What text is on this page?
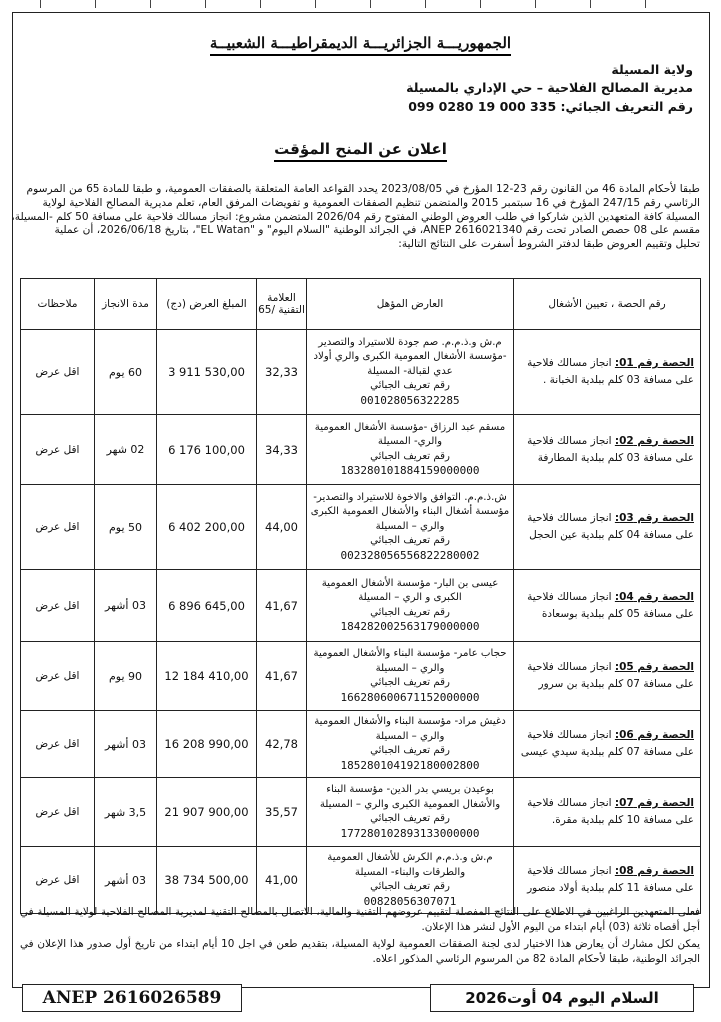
الجمهوريـــة الجزائريـــة الديمقراطيـــة الشعبيــة
ولاية المسيلة
مديرية المصالح الفلاحية – حي الإداري بالمسيلة
رقم التعريف الجبائي: 335 000 19 0280 099
اعلان عن المنح المؤقت
طبقا لأحكام المادة 46 من القانون رقم 23-12 المؤرخ في 2023/08/05 يحدد القواعد العامة المتعلقة بالصفقات العمومية، و طبقا للمادة 65 من المرسوم
الرئاسي رقم 247/15 المؤرخ في 16 سبتمبر 2015 والمتضمن تنظيم الصفقات العمومية و تفويضات المرفق العام، تعلم مديرية المصالح الفلاحية لولاية
المسيلة كافة المتعهدين الذين شاركوا في طلب العروض الوطني المفتوح رقم 2026/04 المتضمن مشروع: انجاز مسالك فلاحية على مسافة 50 كلم -المسيلة،
مقسم على 08 حصص الصادر تحت رقم ANEP 2616021340، في الجرائد الوطنية "السلام اليوم" و "EL Watan"، بتاريخ 2026/06/18، أن عملية
تحليل وتقييم العروض طبقا لدفتر الشروط أسفرت على النتائج التالية:
رقم الحصة ، تعيين الأشغال	العارض المؤهل	العلامة التقنية /65	المبلغ العرض (دج)	مدة الانجاز	ملاحظات
الحصة رقم 01: انجاز مسالك فلاحية على مسافة 03 كلم ببلدية الخبانة .	م.ش و.ذ.م.م. صم جودة للاستيراد والتصدير -مؤسسة الأشغال العمومية الكبرى والري أولاد عدي لقبالة- المسيلة
رقم تعريف الجبائي
001028056322285	32,33	3 911 530,00	60 يوم	اقل عرض
الحصة رقم 02: انجاز مسالك فلاحية على مسافة 03 كلم ببلدية المطارفة	مسقم عبد الرزاق -مؤسسة الأشغال العمومية والري- المسيلة
رقم تعريف الجبائي
183280101884159000000	34,33	6 176 100,00	02 شهر	اقل عرض
الحصة رقم 03: انجاز مسالك فلاحية على مسافة 04 كلم ببلدية عين الحجل	ش.ذ.م.م. التوافق والاخوة للاستيراد والتصدير- مؤسسة أشغال البناء والأشغال العمومية الكبرى والري – المسيلة
رقم تعريف الجبائي
002328056556822280002	44,00	6 402 200,00	50 يوم	اقل عرض
الحصة رقم 04: انجاز مسالك فلاحية على مسافة 05 كلم ببلدية بوسعادة	عيسى بن البار- مؤسسة الأشغال العمومية الكبرى و الري – المسيلة
رقم تعريف الجبائي
184282002563179000000	41,67	6 896 645,00	03 أشهر	اقل عرض
الحصة رقم 05: انجاز مسالك فلاحية على مسافة 07 كلم ببلدية بن سرور	حجاب عامر- مؤسسة البناء والأشغال العمومية والري – المسيلة
رقم تعريف الجبائي
166280600671152000000	41,67	12 184 410,00	90 يوم	اقل عرض
الحصة رقم 06: انجاز مسالك فلاحية على مسافة 07 كلم ببلدية سيدي عيسى	دغيش مراد- مؤسسة البناء والأشغال العمومية والري – المسيلة
رقم تعريف الجبائي
185280104192180002800	42,78	16 208 990,00	03 أشهر	اقل عرض
الحصة رقم 07: انجاز مسالك فلاحية على مسافة 10 كلم ببلدية مقرة.	بوعيدن بريسي بدر الدين- مؤسسة البناء والأشغال العمومية الكبرى والري – المسيلة
رقم تعريف الجبائي
177280102893133000000	35,57	21 907 900,00	3,5 شهر	اقل عرض
الحصة رقم 08: انجاز مسالك فلاحية على مسافة 11 كلم ببلدية أولاد منصور	م.ش و.ذ.م.م الكرش للأشغال العمومية والطرقات والبناء- المسيلة
رقم تعريف الجبائي
00828056307071	41,00	38 734 500,00	03 أشهر	اقل عرض

فعلى المتعهدين الراغبين في الاطلاع على النتائج المفصلة لتقييم عروضهم التقنية والمالية، الاتصال بالمصالح التقنية لمديرية المصالح الفلاحية لولاية المسيلة في أجل أقصاه ثلاثة (03) أيام ابتداء من اليوم الأول لنشر هذا الإعلان.

يمكن لكل مشارك أن يعارض هذا الاختيار لدى لجنة الصفقات العمومية لولاية المسيلة، بتقديم طعن في اجل 10 أيام ابتداء من تاريخ أول صدور هذا الإعلان في الجرائد الوطنية، طبقا لأحكام المادة 82 من المرسوم الرئاسي المذكور اعلاه.

ANEP 2616026589	السلام اليوم 04 أوت2026
